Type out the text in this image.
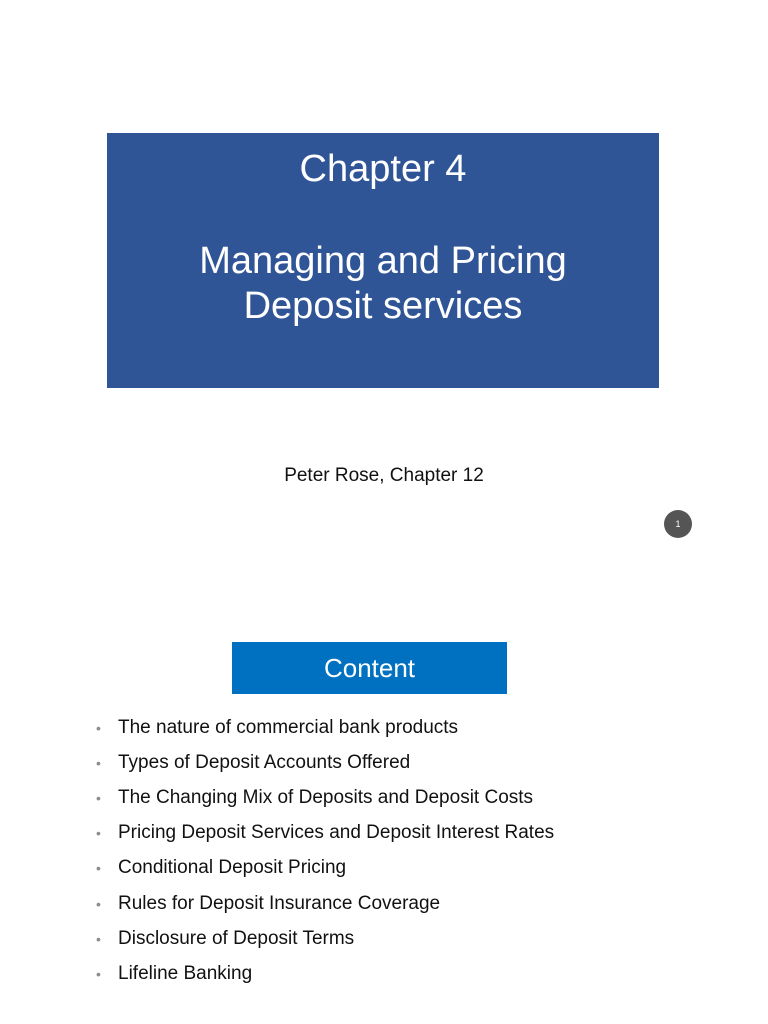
Chapter 4
Managing and Pricing
Deposit services
Peter Rose, Chapter 12
1
Content
• The nature of commercial bank products
• Types of Deposit Accounts Offered
• The Changing Mix of Deposits and Deposit Costs
• Pricing Deposit Services and Deposit Interest Rates
• Conditional Deposit Pricing
• Rules for Deposit Insurance Coverage
• Disclosure of Deposit Terms
• Lifeline Banking
